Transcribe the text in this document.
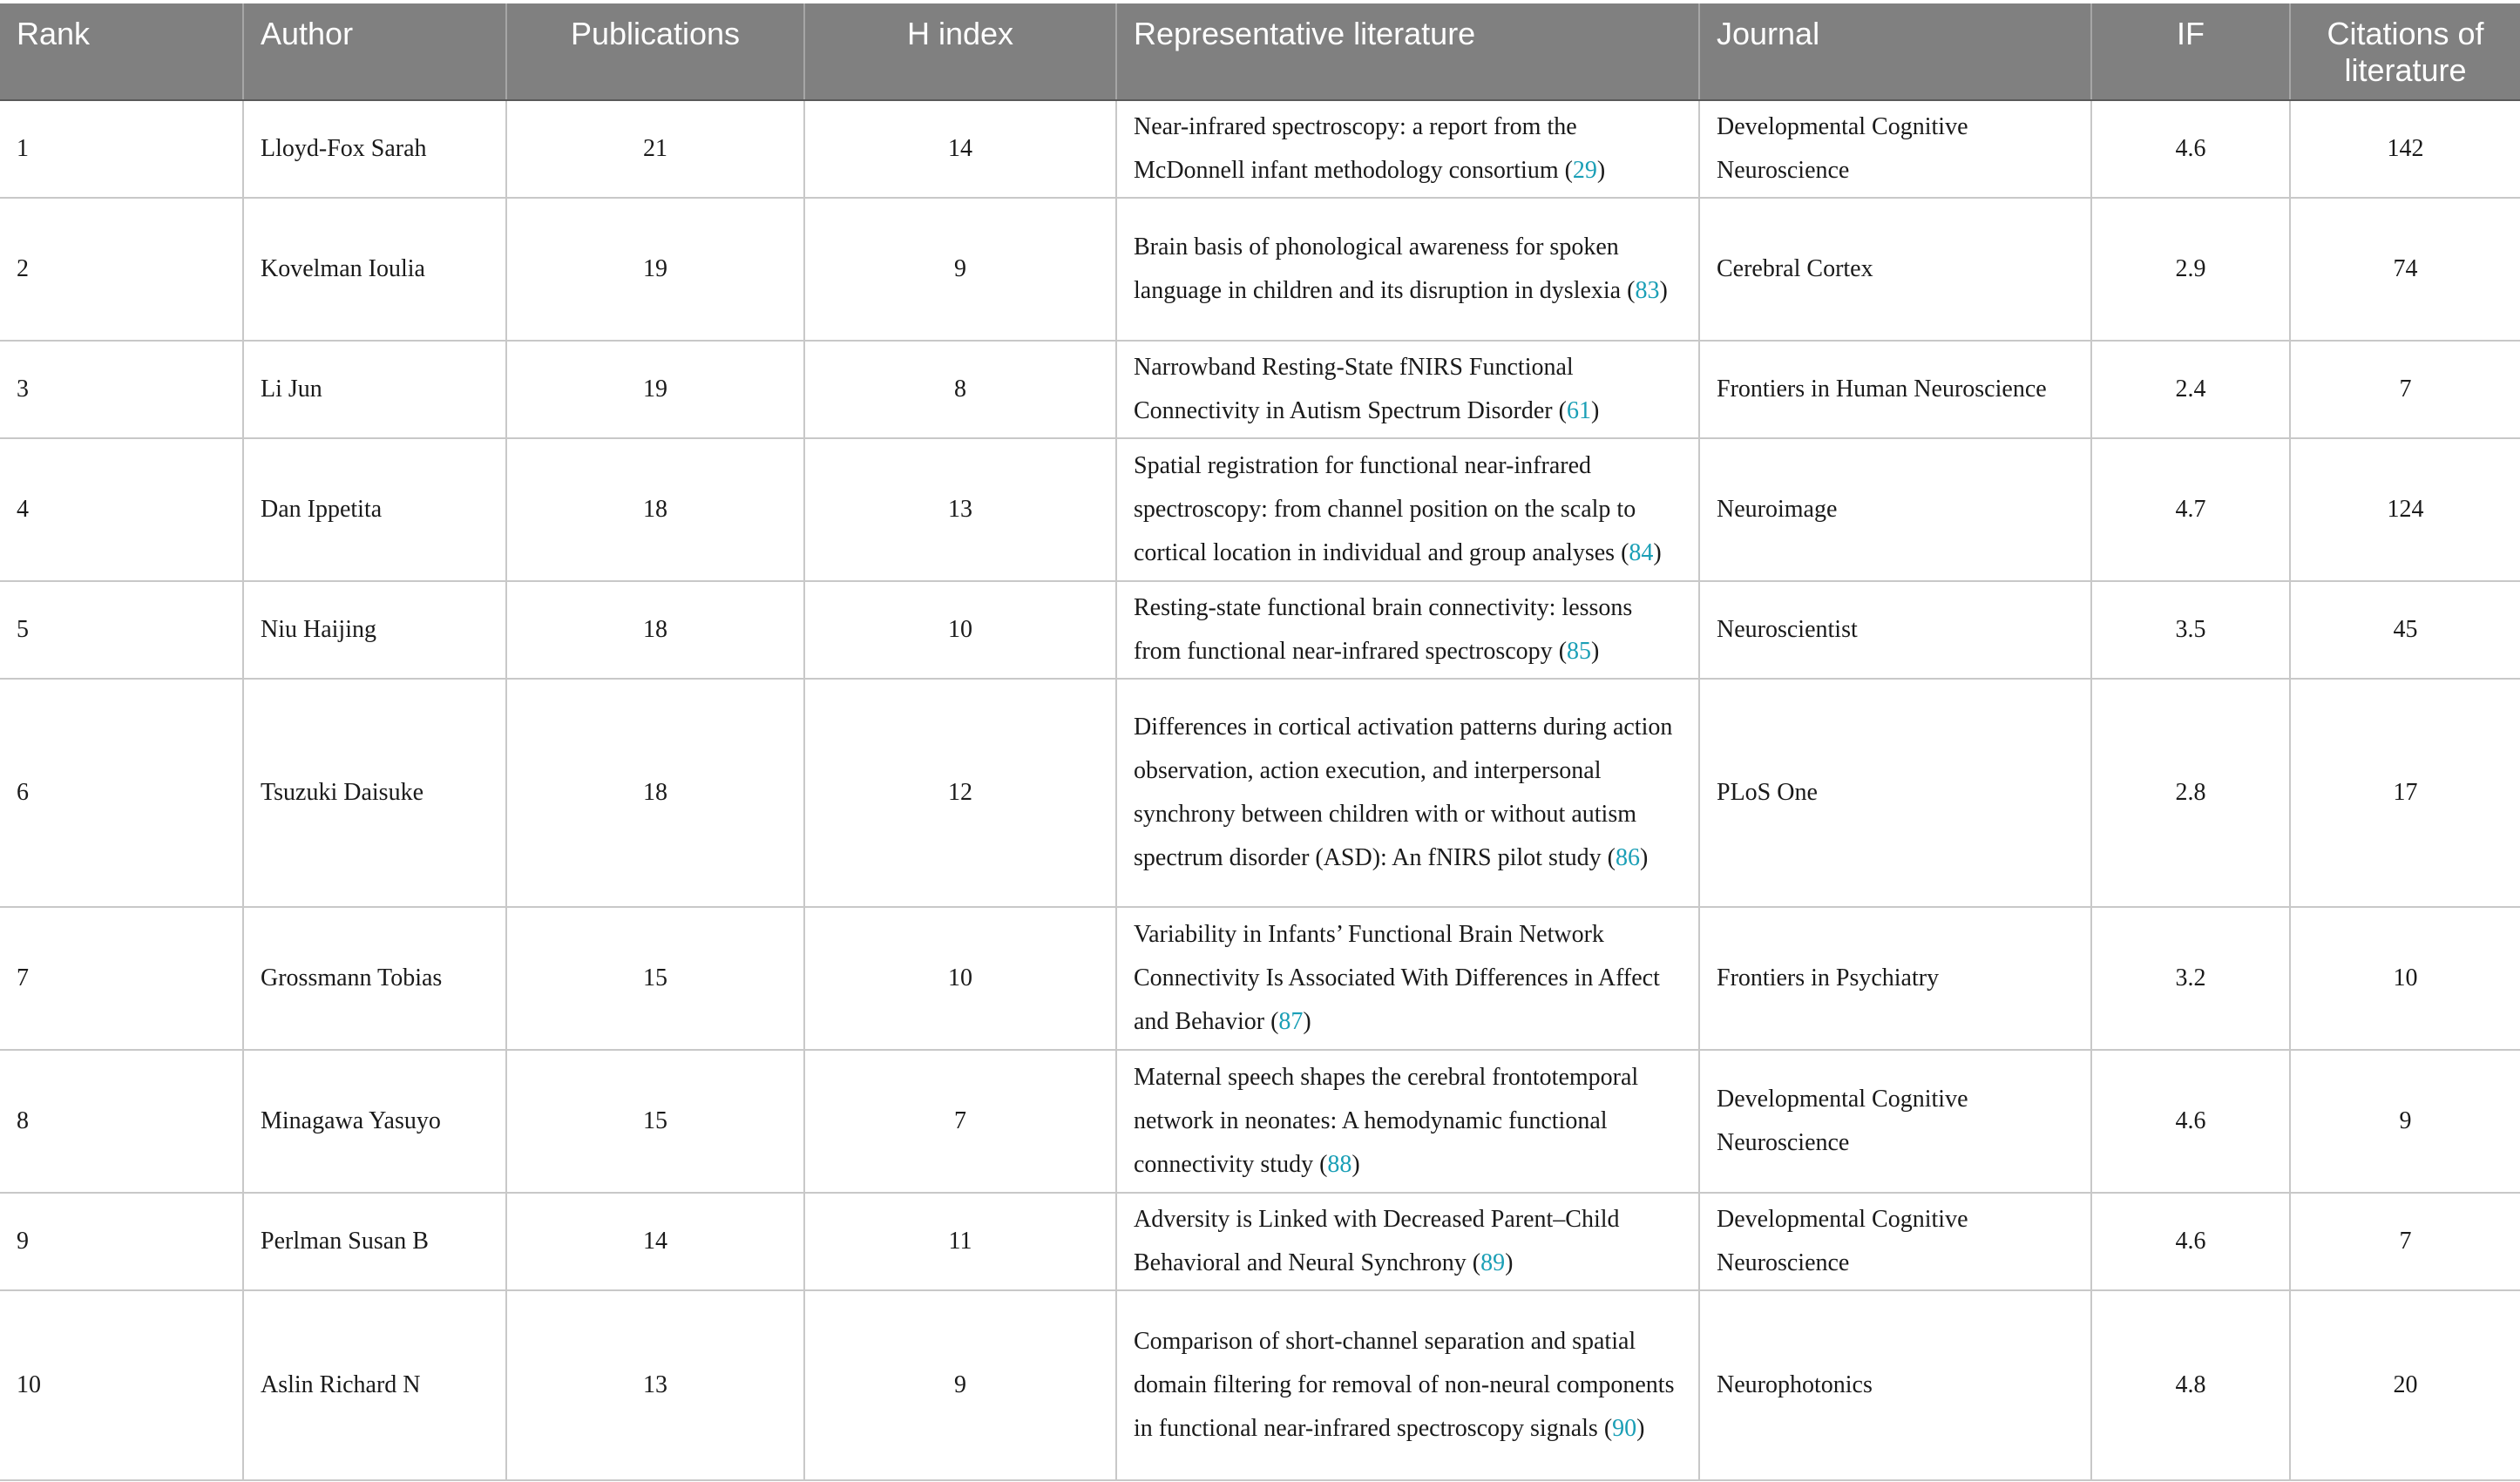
Rank	Author	Publications	H index	Representative literature	Journal	IF	Citations of literature
1	Lloyd-Fox Sarah	21	14	Near-infrared spectroscopy: a report from the McDonnell infant methodology consortium (29)	Developmental Cognitive Neuroscience	4.6	142
2	Kovelman Ioulia	19	9	Brain basis of phonological awareness for spoken language in children and its disruption in dyslexia (83)	Cerebral Cortex	2.9	74
3	Li Jun	19	8	Narrowband Resting-State fNIRS Functional Connectivity in Autism Spectrum Disorder (61)	Frontiers in Human Neuroscience	2.4	7
4	Dan Ippetita	18	13	Spatial registration for functional near-infrared spectroscopy: from channel position on the scalp to cortical location in individual and group analyses (84)	Neuroimage	4.7	124
5	Niu Haijing	18	10	Resting-state functional brain connectivity: lessons from functional near-infrared spectroscopy (85)	Neuroscientist	3.5	45
6	Tsuzuki Daisuke	18	12	Differences in cortical activation patterns during action observation, action execution, and interpersonal synchrony between children with or without autism spectrum disorder (ASD): An fNIRS pilot study (86)	PLoS One	2.8	17
7	Grossmann Tobias	15	10	Variability in Infants’ Functional Brain Network Connectivity Is Associated With Differences in Affect and Behavior (87)	Frontiers in Psychiatry	3.2	10
8	Minagawa Yasuyo	15	7	Maternal speech shapes the cerebral frontotemporal network in neonates: A hemodynamic functional connectivity study (88)	Developmental Cognitive Neuroscience	4.6	9
9	Perlman Susan B	14	11	Adversity is Linked with Decreased Parent–Child Behavioral and Neural Synchrony (89)	Developmental Cognitive Neuroscience	4.6	7
10	Aslin Richard N	13	9	Comparison of short-channel separation and spatial domain filtering for removal of non-neural components in functional near-infrared spectroscopy signals (90)	Neurophotonics	4.8	20
